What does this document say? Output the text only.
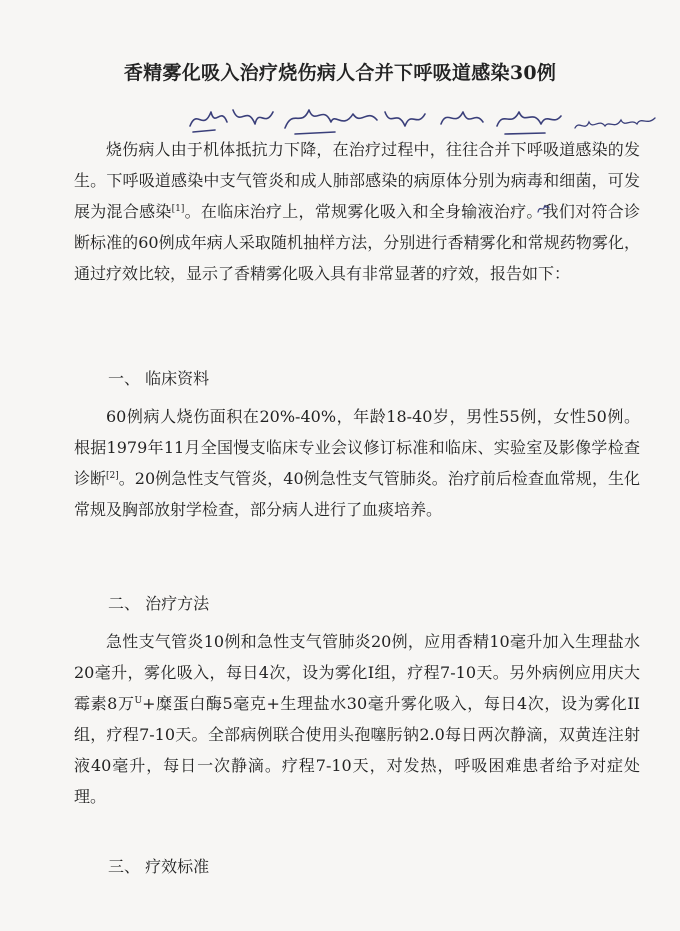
香精雾化吸入治疗烧伤病人合并下呼吸道感染30例

烧伤病人由于机体抵抗力下降，在治疗过程中，往往合并下呼吸道感染的发生。下呼吸道感染中支气管炎和成人肺部感染的病原体分别为病毒和细菌，可发展为混合感染[1]。在临床治疗上，常规雾化吸入和全身输液治疗。我们对符合诊断标准的60例成年病人采取随机抽样方法，分别进行香精雾化和常规药物雾化，通过疗效比较，显示了香精雾化吸入具有非常显著的疗效，报告如下：

一、 临床资料

60例病人烧伤面积在20%-40%，年龄18-40岁，男性55例，女性50例。根据1979年11月全国慢支临床专业会议修订标准和临床、实验室及影像学检查诊断[2]。20例急性支气管炎，40例急性支气管肺炎。治疗前后检查血常规，生化常规及胸部放射学检查，部分病人进行了血痰培养。

二、 治疗方法

急性支气管炎10例和急性支气管肺炎20例，应用香精10毫升加入生理盐水20毫升，雾化吸入，每日4次，设为雾化I组，疗程7-10天。另外病例应用庆大霉素8万$^U$+糜蛋白酶5毫克+生理盐水30毫升雾化吸入，每日4次，设为雾化II组，疗程7-10天。全部病例联合使用头孢噻肟钠2.0每日两次静滴，双黄连注射液40毫升，每日一次静滴。疗程7-10天，对发热，呼吸困难患者给予对症处理。

三、 疗效标准
